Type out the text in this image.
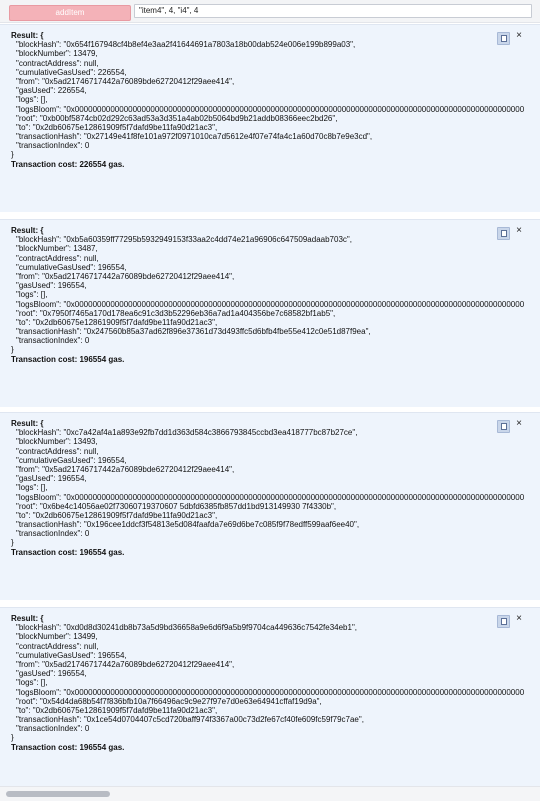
addItem
"item4", 4, "i4", 4
×
Result: {
"blockHash": "0x654f167948cf4b8ef4e3aa2f41644691a7803a18b00dab524e006e199b899a03",
"blockNumber": 13479,
"contractAddress": null,
"cumulativeGasUsed": 226554,
"from": "0x5ad21746717442a76089bde62720412f29aee414",
"gasUsed": 226554,
"logs": [],
"logsBloom": "0x00000000000000000000000000000000000000000000000000000000000000000000000000000000000000000000000000000
"root": "0xb00bf5874cb02d292c63ad53a3d351a4ab02b5064bd9b21addb08366eec2bd26",
"to": "0x2db60675e12861909f5f7dafd9be11fa90d21ac3",
"transactionHash": "0x27149e41f8fe101a972f0971010ca7d5612e4f07e74fa4c1a60d70c8b7e9e3cd",
"transactionIndex": 0
}
Transaction cost: 226554 gas.
×
Result: {
"blockHash": "0xb5a60359ff77295b5932949153f33aa2c4dd74e21a96906c647509adaab703c",
"blockNumber": 13487,
"contractAddress": null,
"cumulativeGasUsed": 196554,
"from": "0x5ad21746717442a76089bde62720412f29aee414",
"gasUsed": 196554,
"logs": [],
"logsBloom": "0x00000000000000000000000000000000000000000000000000000000000000000000000000000000000000000000000000000
"root": "0x7950f7465a170d178ea6c91c3d3b52296eb36a7ad1a404356be7c68582bf1ab5",
"to": "0x2db60675e12861909f5f7dafd9be11fa90d21ac3",
"transactionHash": "0x247560b85a37ad62f896e37361d73d493ffc5d6bfb4fbe55e412c0e51d87f9ea",
"transactionIndex": 0
}
Transaction cost: 196554 gas.
×
Result: {
"blockHash": "0xc7a42af4a1a893e92fb7dd1d363d584c3866793845ccbd3ea418777bc87b27ce",
"blockNumber": 13493,
"contractAddress": null,
"cumulativeGasUsed": 196554,
"from": "0x5ad21746717442a76089bde62720412f29aee414",
"gasUsed": 196554,
"logs": [],
"logsBloom": "0x00000000000000000000000000000000000000000000000000000000000000000000000000000000000000000000000000000
"root": "0x6be4c14056ae02f73060719370607 5dbfd6385fb857dd1bd913149930 7f4330b",
"to": "0x2db60675e12861909f5f7dafd9be11fa90d21ac3",
"transactionHash": "0x196cee1ddcf3f54813e5d084faafda7e69d6be7c085f9f78edff599aaf6ee40",
"transactionIndex": 0
}
Transaction cost: 196554 gas.
×
Result: {
"blockHash": "0xd0d8d30241db8b73a5d9bd36658a9e6d6f9a5b9f9704ca449636c7542fe34eb1",
"blockNumber": 13499,
"contractAddress": null,
"cumulativeGasUsed": 196554,
"from": "0x5ad21746717442a76089bde62720412f29aee414",
"gasUsed": 196554,
"logs": [],
"logsBloom": "0x00000000000000000000000000000000000000000000000000000000000000000000000000000000000000000000000000000
"root": "0x54d4da68b54f7f836bfb10a7f66496ac9c9e27f97e7d0e63e64941cffaf19d9a",
"to": "0x2db60675e12861909f5f7dafd9be11fa90d21ac3",
"transactionHash": "0x1ce54d0704407c5cd720baff974f3367a00c73d2fe67cf40fe609fc59f79c7ae",
"transactionIndex": 0
}
Transaction cost: 196554 gas.
